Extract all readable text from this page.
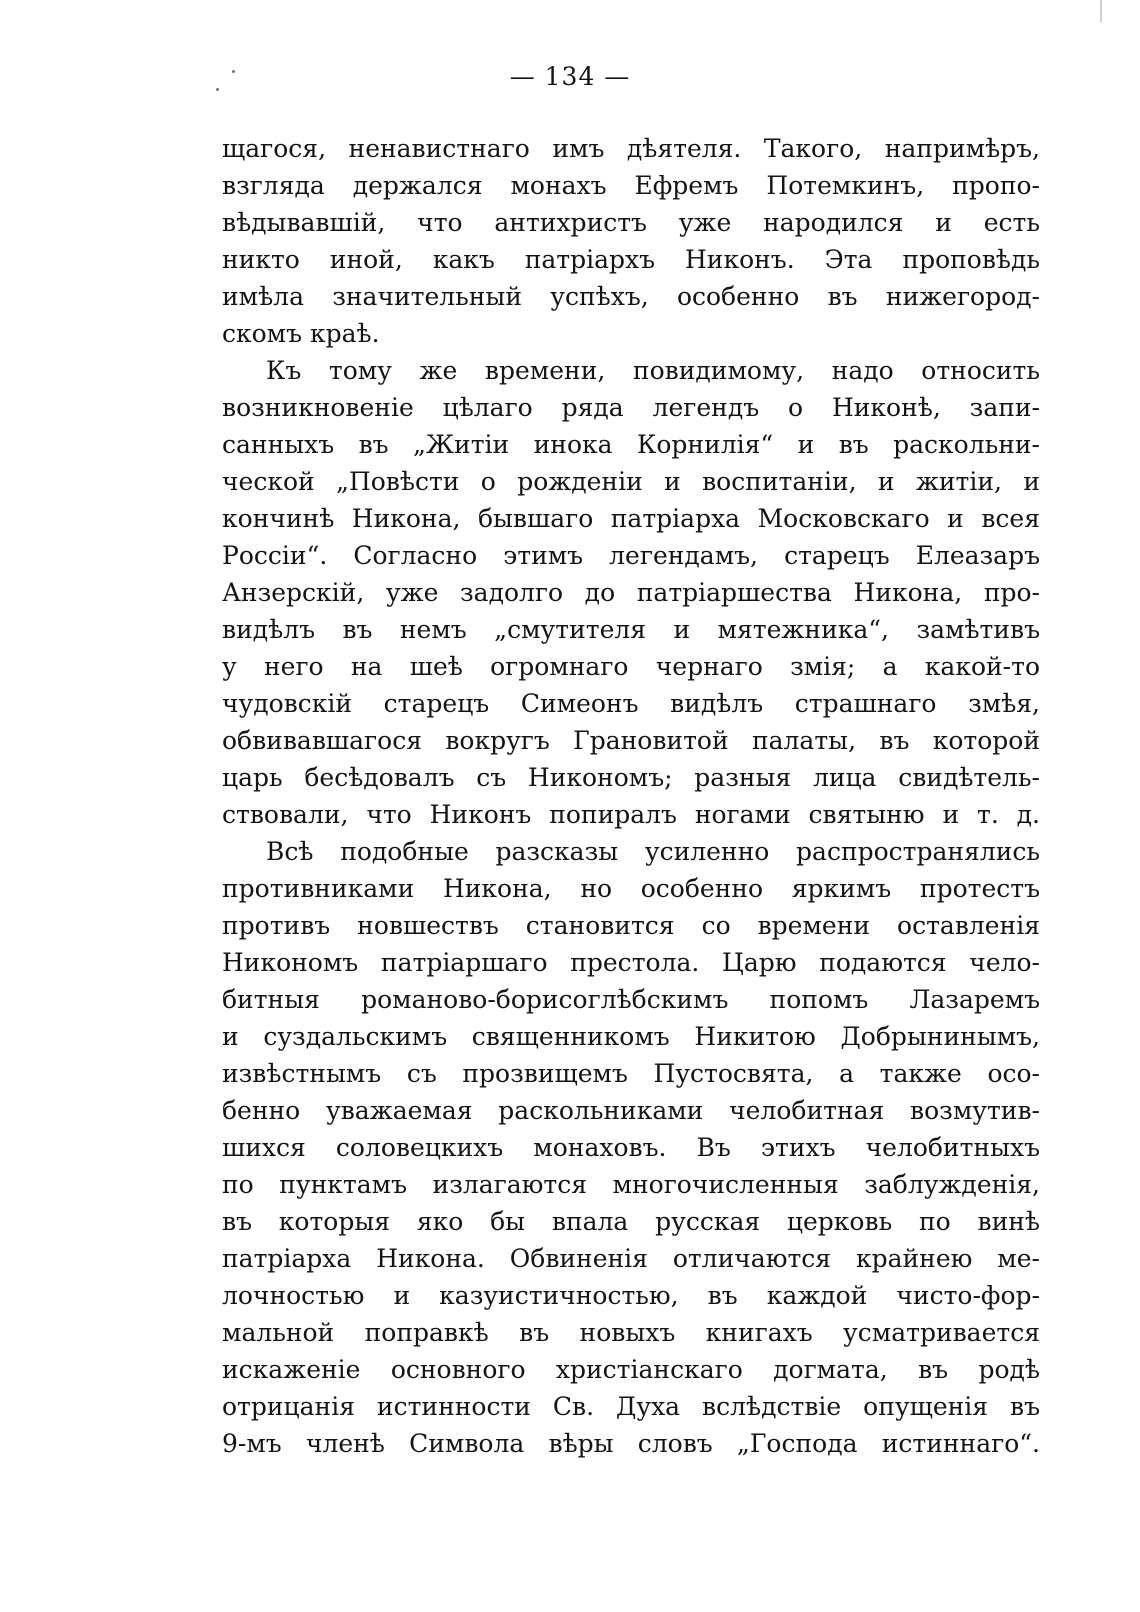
— 134 —
щагося, ненавистнаго имъ дѣятеля. Такого, напримѣръ,
взгляда держался монахъ Ефремъ Потемкинъ, пропо-
вѣдывавшій, что антихристъ уже народился и есть
никто иной, какъ патріархъ Никонъ. Эта проповѣдь
имѣла значительный успѣхъ, особенно въ нижегород-
скомъ краѣ.
Къ тому же времени, повидимому, надо относить
возникновеніе цѣлаго ряда легендъ о Никонѣ, запи-
санныхъ въ „Житіи инока Корнилія“ и въ раскольни-
ческой „Повѣсти о рожденіи и воспитаніи, и житіи, и
кончинѣ Никона, бывшаго патріарха Московскаго и всея
Россіи“. Согласно этимъ легендамъ, старецъ Елеазаръ
Анзерскій, уже задолго до патріаршества Никона, про-
видѣлъ въ немъ „смутителя и мятежника“, замѣтивъ
у него на шеѣ огромнаго чернаго змія; а какой-то
чудовскій старецъ Симеонъ видѣлъ страшнаго змѣя,
обвивавшагося вокругъ Грановитой палаты, въ которой
царь бесѣдовалъ съ Никономъ; разныя лица свидѣтель-
ствовали, что Никонъ попиралъ ногами святыню и т. д.
Всѣ подобные разсказы усиленно распространялись
противниками Никона, но особенно яркимъ протестъ
противъ новшествъ становится со времени оставленія
Никономъ патріаршаго престола. Царю подаются чело-
битныя романово-борисоглѣбскимъ попомъ Лазаремъ
и суздальскимъ священникомъ Никитою Добрынинымъ,
извѣстнымъ съ прозвищемъ Пустосвята, а также осо-
бенно уважаемая раскольниками челобитная возмутив-
шихся соловецкихъ монаховъ. Въ этихъ челобитныхъ
по пунктамъ излагаются многочисленныя заблужденія,
въ которыя яко бы впала русская церковь по винѣ
патріарха Никона. Обвиненія отличаются крайнею ме-
лочностью и казуистичностью, въ каждой чисто-фор-
мальной поправкѣ въ новыхъ книгахъ усматривается
искаженіе основного христіанскаго догмата, въ родѣ
отрицанія истинности Св. Духа вслѣдствіе опущенія въ
9-мъ членѣ Символа вѣры словъ „Господа истиннаго“.
